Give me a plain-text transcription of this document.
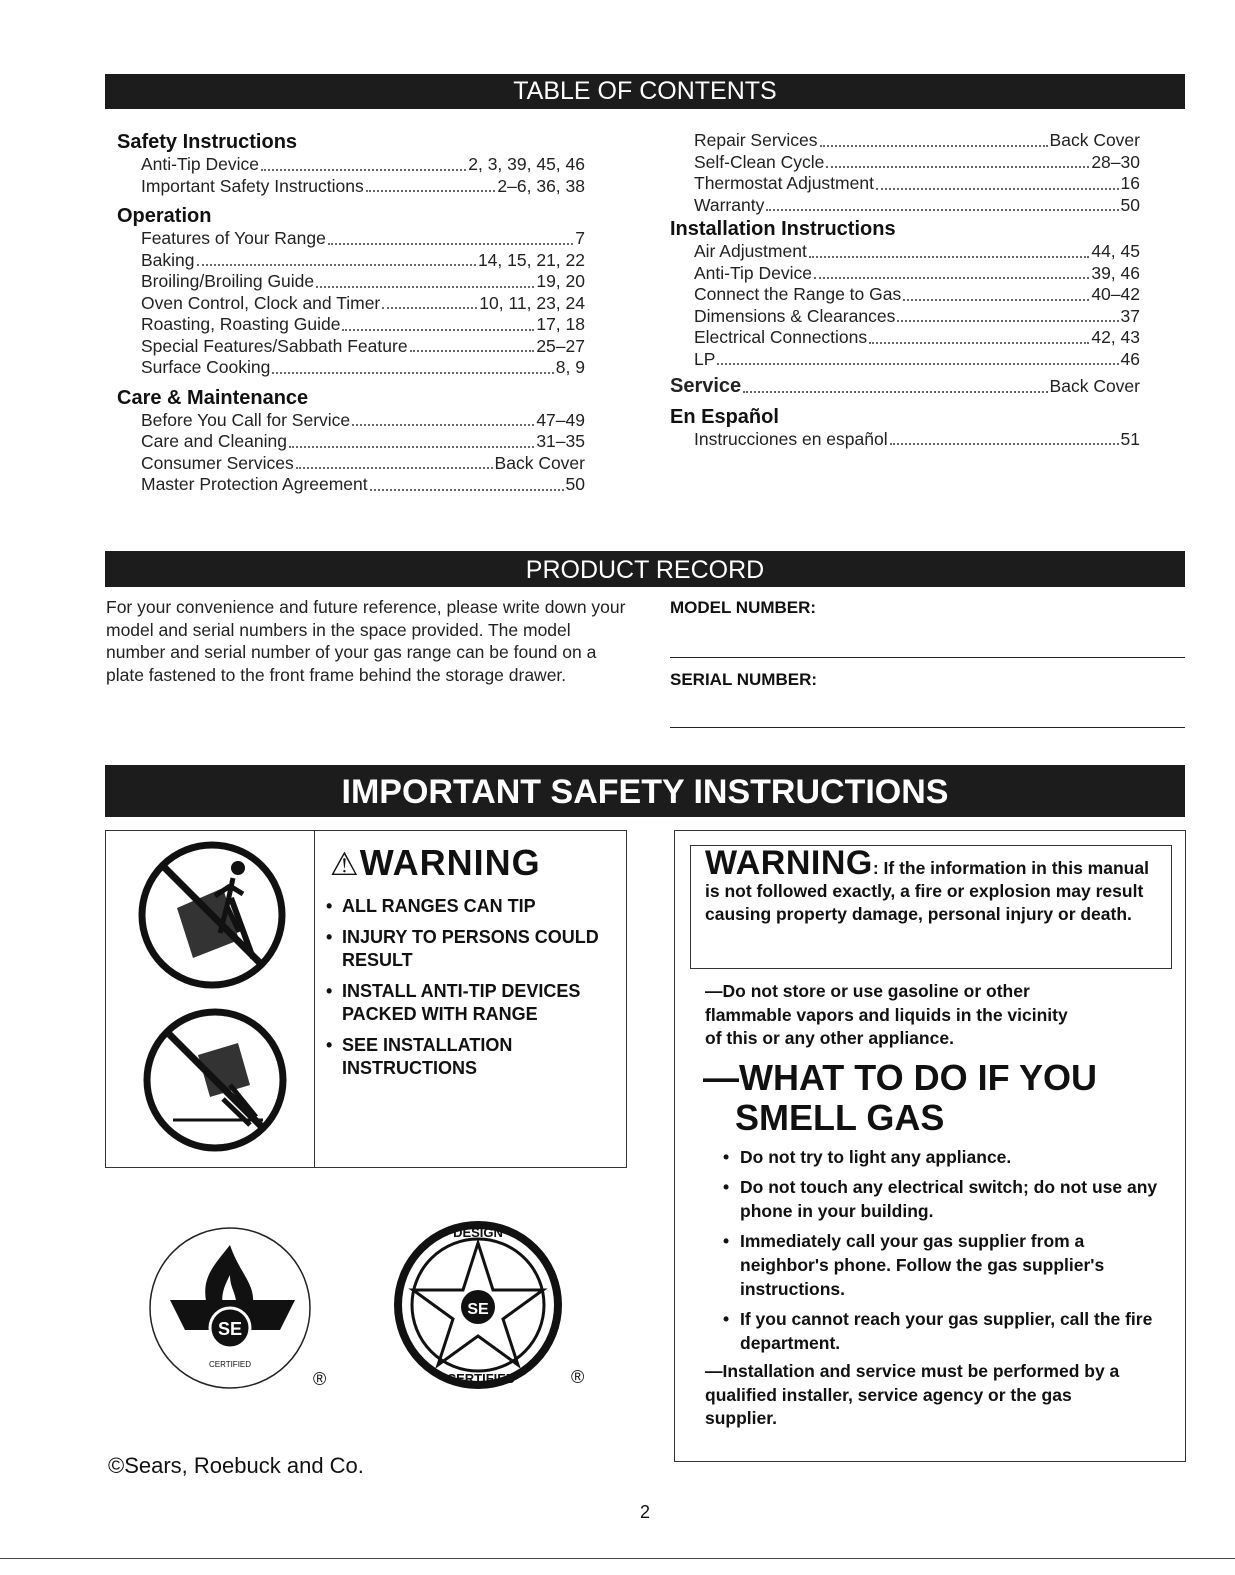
TABLE OF CONTENTS
Safety Instructions
Anti-Tip Device	2, 3, 39, 45, 46
Important Safety Instructions	2–6, 36, 38
Operation
Features of Your Range	7
Baking	14, 15, 21, 22
Broiling/Broiling Guide	19, 20
Oven Control, Clock and Timer	10, 11, 23, 24
Roasting, Roasting Guide	17, 18
Special Features/Sabbath Feature	25–27
Surface Cooking	8, 9
Care & Maintenance
Before You Call for Service	47–49
Care and Cleaning	31–35
Consumer Services	Back Cover
Master Protection Agreement	50
Repair Services	Back Cover
Self-Clean Cycle	28–30
Thermostat Adjustment	16
Warranty	50
Installation Instructions
Air Adjustment	44, 45
Anti-Tip Device	39, 46
Connect the Range to Gas	40–42
Dimensions & Clearances	37
Electrical Connections	42, 43
LP	46
Service	Back Cover
En Español
Instrucciones en español	51
PRODUCT RECORD
For your convenience and future reference, please write down your model and serial numbers in the space provided. The model number and serial number of your gas range can be found on a plate fastened to the front frame behind the storage drawer.
MODEL NUMBER:
SERIAL NUMBER:
IMPORTANT SAFETY INSTRUCTIONS
⚠WARNING
• ALL RANGES CAN TIP
• INJURY TO PERSONS COULD RESULT
• INSTALL ANTI-TIP DEVICES PACKED WITH RANGE
• SEE INSTALLATION INSTRUCTIONS
SE
CERTIFIED
®
SE
DESIGN
CERTIFIED	®
WARNING: If the information in this manual is not followed exactly, a fire or explosion may result causing property damage, personal injury or death.
—Do not store or use gasoline or other flammable vapors and liquids in the vicinity of this or any other appliance.
—WHAT TO DO IF YOU
SMELL GAS
• Do not try to light any appliance.
• Do not touch any electrical switch; do not use any phone in your building.
• Immediately call your gas supplier from a neighbor's phone. Follow the gas supplier's instructions.
• If you cannot reach your gas supplier, call the fire department.
—Installation and service must be performed by a qualified installer, service agency or the gas supplier.
©Sears, Roebuck and Co.
2
